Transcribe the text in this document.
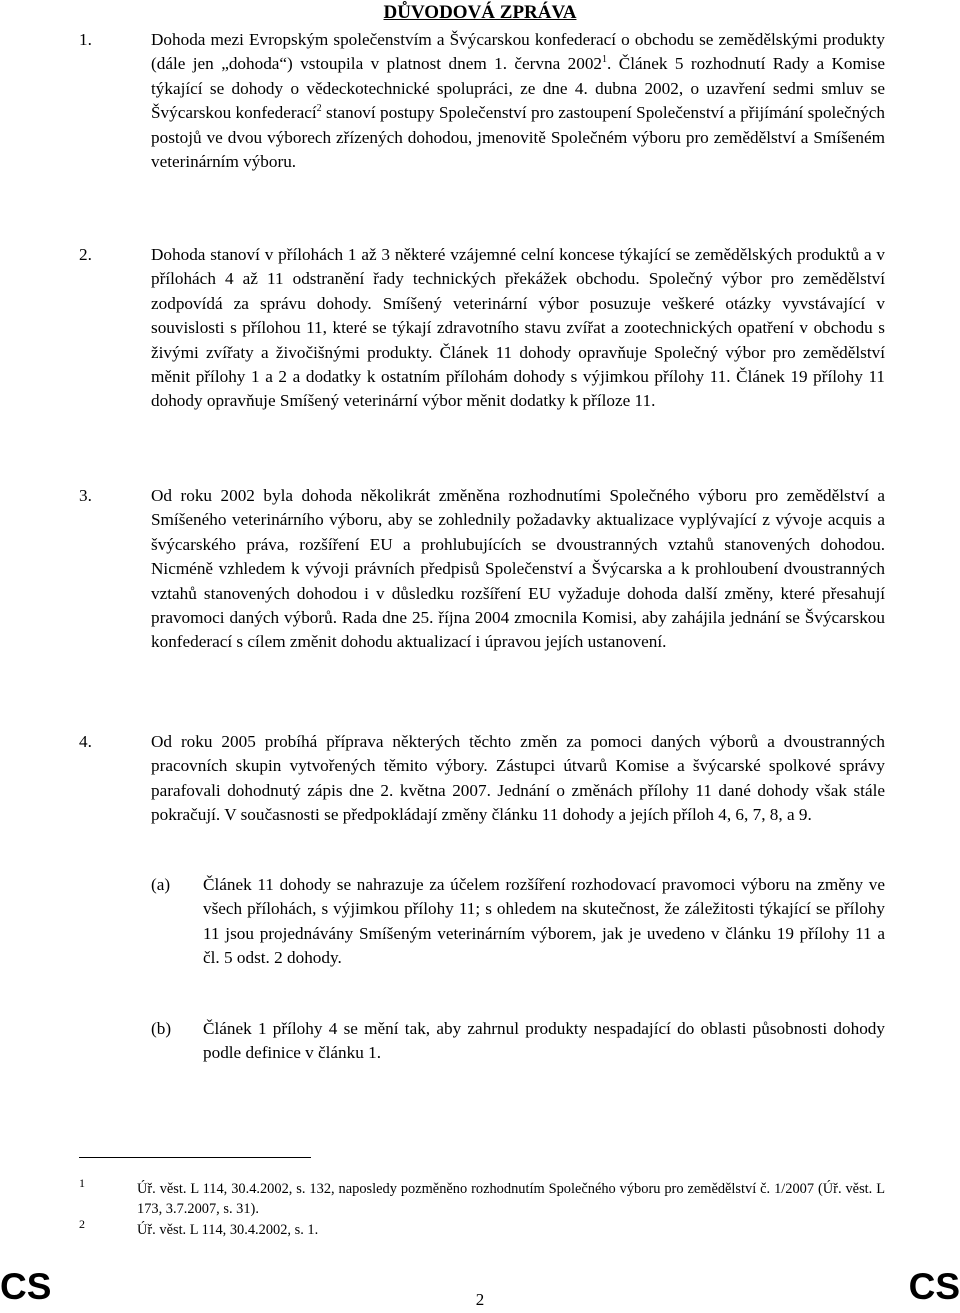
DŮVODOVÁ ZPRÁVA
1.	Dohoda mezi Evropským společenstvím a Švýcarskou konfederací o obchodu se zemědělskými produkty (dále jen „dohoda“) vstoupila v platnost dnem 1. června 2002$^1$. Článek 5 rozhodnutí Rady a Komise týkající se dohody o vědeckotechnické spolupráci, ze dne 4. dubna 2002, o uzavření sedmi smluv se Švýcarskou konfederací$^2$ stanoví postupy Společenství pro zastoupení Společenství a přijímání společných postojů ve dvou výborech zřízených dohodou, jmenovitě Společném výboru pro zemědělství a Smíšeném veterinárním výboru.
2.	Dohoda stanoví v přílohách 1 až 3 některé vzájemné celní koncese týkající se zemědělských produktů a v přílohách 4 až 11 odstranění řady technických překážek obchodu. Společný výbor pro zemědělství zodpovídá za správu dohody. Smíšený veterinární výbor posuzuje veškeré otázky vyvstávající v souvislosti s přílohou 11, které se týkají zdravotního stavu zvířat a zootechnických opatření v obchodu s živými zvířaty a živočišnými produkty. Článek 11 dohody opravňuje Společný výbor pro zemědělství měnit přílohy 1 a 2 a dodatky k ostatním přílohám dohody s výjimkou přílohy 11. Článek 19 přílohy 11 dohody opravňuje Smíšený veterinární výbor měnit dodatky k příloze 11.
3.	Od roku 2002 byla dohoda několikrát změněna rozhodnutími Společného výboru pro zemědělství a Smíšeného veterinárního výboru, aby se zohlednily požadavky aktualizace vyplývající z vývoje acquis a švýcarského práva, rozšíření EU a prohlubujících se dvoustranných vztahů stanovených dohodou. Nicméně vzhledem k vývoji právních předpisů Společenství a Švýcarska a k prohloubení dvoustranných vztahů stanovených dohodou i v důsledku rozšíření EU vyžaduje dohoda další změny, které přesahují pravomoci daných výborů. Rada dne 25. října 2004 zmocnila Komisi, aby zahájila jednání se Švýcarskou konfederací s cílem změnit dohodu aktualizací i úpravou jejích ustanovení.
4.	Od roku 2005 probíhá příprava některých těchto změn za pomoci daných výborů a dvoustranných pracovních skupin vytvořených těmito výbory. Zástupci útvarů Komise a švýcarské spolkové správy parafovali dohodnutý zápis dne 2. května 2007. Jednání o změnách přílohy 11 dané dohody však stále pokračují. V současnosti se předpokládají změny článku 11 dohody a jejích příloh 4, 6, 7, 8, a 9.
(a) Článek 11 dohody se nahrazuje za účelem rozšíření rozhodovací pravomoci výboru na změny ve všech přílohách, s výjimkou přílohy 11; s ohledem na skutečnost, že záležitosti týkající se přílohy 11 jsou projednávány Smíšeným veterinárním výborem, jak je uvedeno v článku 19 přílohy 11 a čl. 5 odst. 2 dohody.
(b) Článek 1 přílohy 4 se mění tak, aby zahrnul produkty nespadající do oblasti působnosti dohody podle definice v článku 1.
1	Úř. věst. L 114, 30.4.2002, s. 132, naposledy pozměněno rozhodnutím Společného výboru pro zemědělství č. 1/2007 (Úř. věst. L 173, 3.7.2007, s. 31).
2	Úř. věst. L 114, 30.4.2002, s. 1.
CS	2	CS
